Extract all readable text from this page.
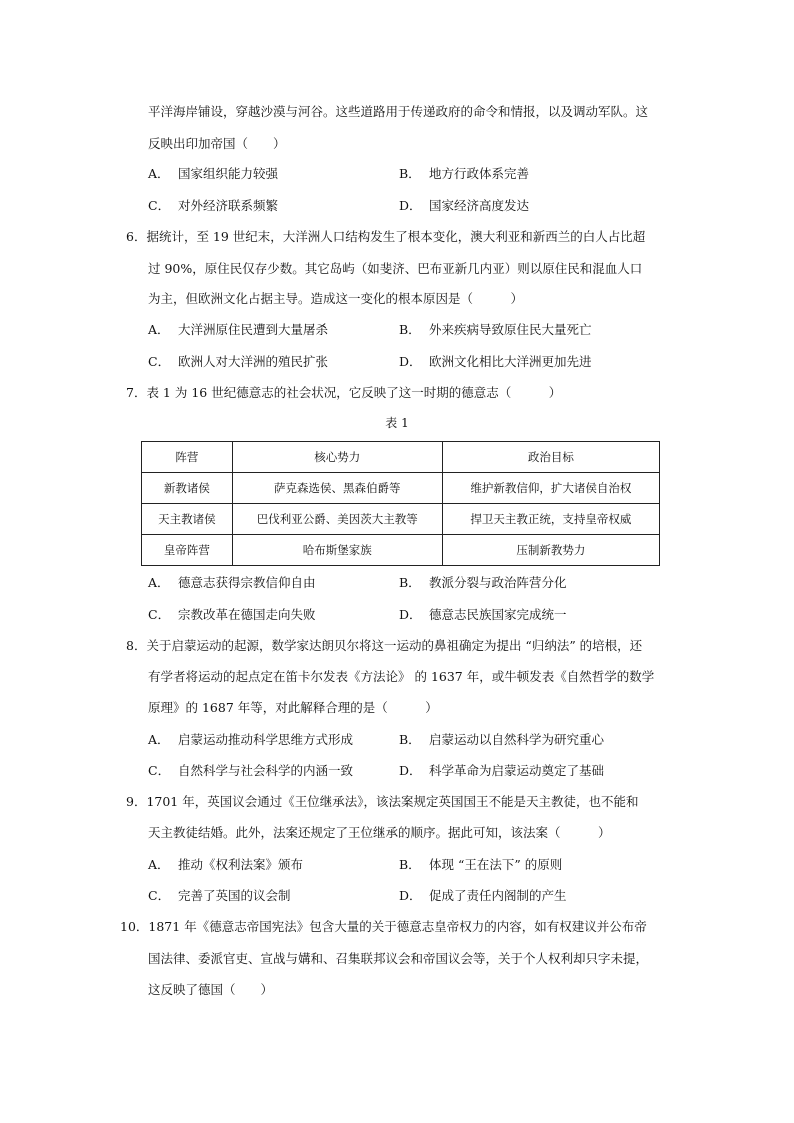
平洋海岸铺设，穿越沙漠与河谷。这些道路用于传递政府的命令和情报，以及调动军队。这
反映出印加帝国（　　）
A． 国家组织能力较强	B． 地方行政体系完善
C． 对外经济联系频繁	D． 国家经济高度发达
6．据统计，至 19 世纪末，大洋洲人口结构发生了根本变化，澳大利亚和新西兰的白人占比超
过 90%，原住民仅存少数。其它岛屿（如斐济、巴布亚新几内亚）则以原住民和混血人口
为主，但欧洲文化占据主导。造成这一变化的根本原因是（　　　）
A． 大洋洲原住民遭到大量屠杀	B． 外来疾病导致原住民大量死亡
C． 欧洲人对大洋洲的殖民扩张	D． 欧洲文化相比大洋洲更加先进
7．表 1 为 16 世纪德意志的社会状况，它反映了这一时期的德意志（　　　）
表 1
阵营	核心势力	政治目标
新教诸侯	萨克森选侯、黑森伯爵等	维护新教信仰，扩大诸侯自治权
天主教诸侯	巴伐利亚公爵、美因茨大主教等	捍卫天主教正统，支持皇帝权威
皇帝阵营	哈布斯堡家族	压制新教势力
A． 德意志获得宗教信仰自由	B． 教派分裂与政治阵营分化
C． 宗教改革在德国走向失败	D． 德意志民族国家完成统一
8．关于启蒙运动的起源，数学家达朗贝尔将这一运动的鼻祖确定为提出 “归纳法” 的培根，还
有学者将运动的起点定在笛卡尔发表《方法论》 的 1637 年，或牛顿发表《自然哲学的数学
原理》的 1687 年等，对此解释合理的是（　　　）
A． 启蒙运动推动科学思维方式形成	B． 启蒙运动以自然科学为研究重心
C． 自然科学与社会科学的内涵一致	D． 科学革命为启蒙运动奠定了基础
9．1701 年，英国议会通过《王位继承法》，该法案规定英国国王不能是天主教徒，也不能和
天主教徒结婚。此外，法案还规定了王位继承的顺序。据此可知，该法案（　　　）
A． 推动《权利法案》颁布	B． 体现 “王在法下” 的原则
C． 完善了英国的议会制	D． 促成了责任内阁制的产生
10．1871 年《德意志帝国宪法》包含大量的关于德意志皇帝权力的内容，如有权建议并公布帝
国法律、委派官吏、宣战与媾和、召集联邦议会和帝国议会等，关于个人权利却只字未提，
这反映了德国（　　）
